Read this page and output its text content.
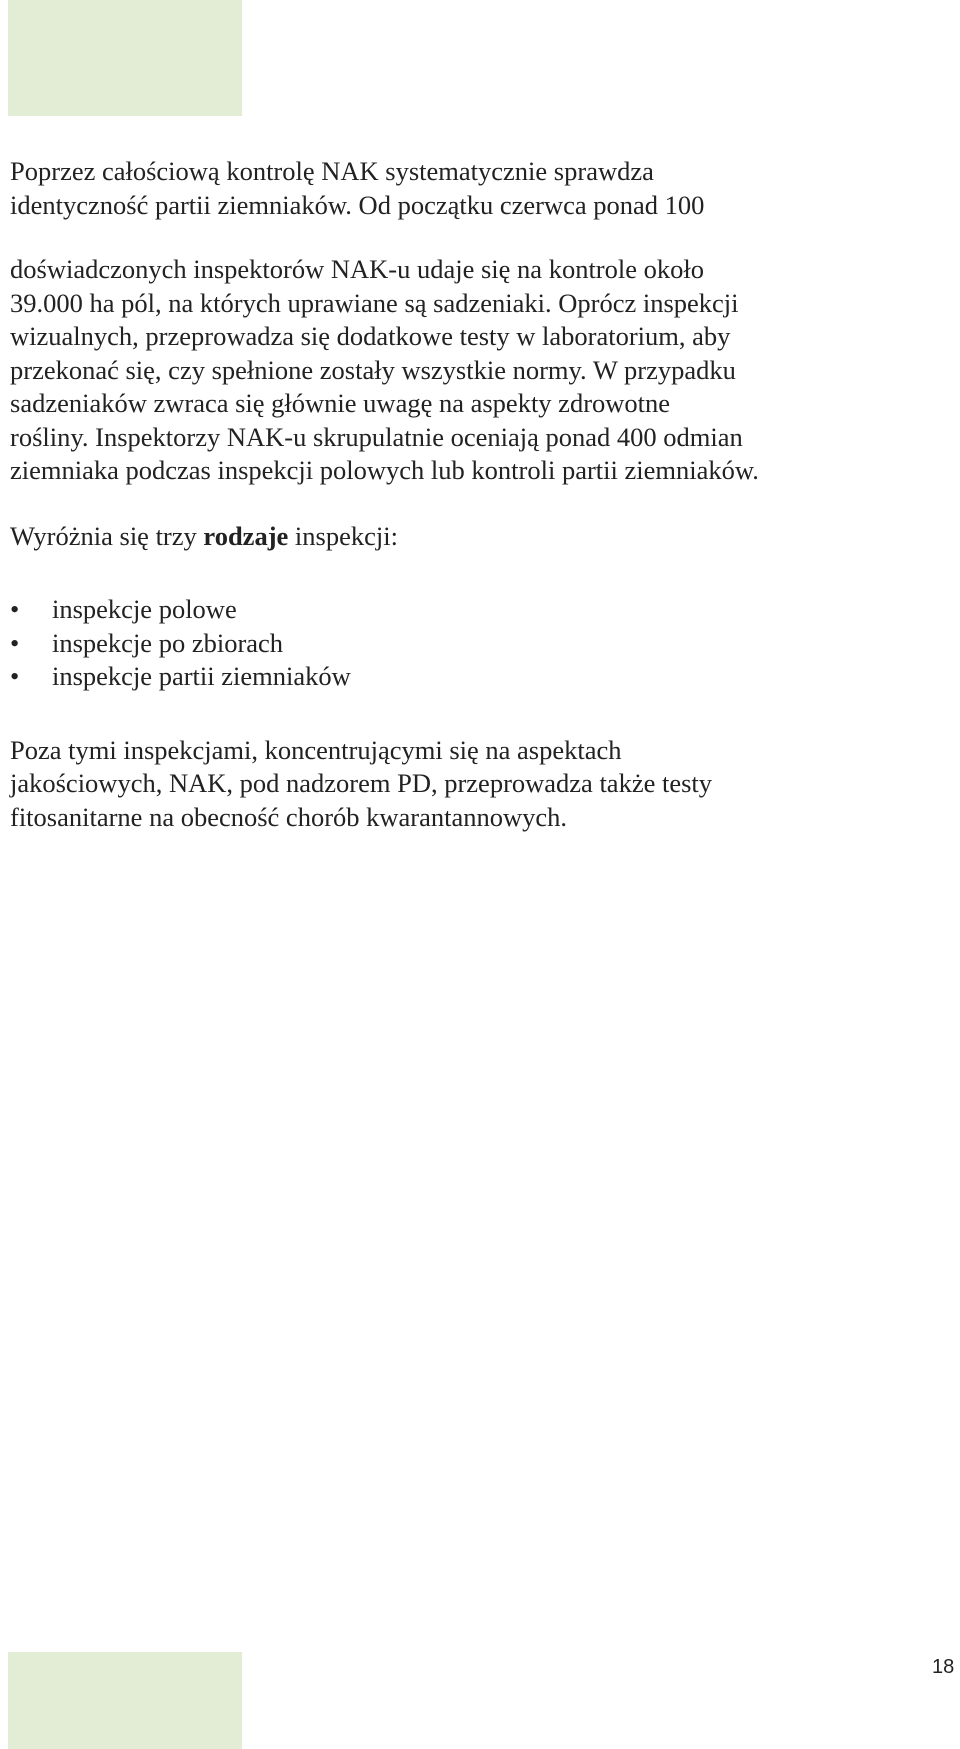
Poprzez całościową kontrolę NAK systematycznie sprawdza
identyczność partii ziemniaków. Od początku czerwca ponad 100
doświadczonych inspektorów NAK-u udaje się na kontrole około
39.000 ha pól, na których uprawiane są sadzeniaki. Oprócz inspekcji
wizualnych, przeprowadza się dodatkowe testy w laboratorium, aby
przekonać się, czy spełnione zostały wszystkie normy. W przypadku
sadzeniaków zwraca się głównie uwagę na aspekty zdrowotne
rośliny. Inspektorzy NAK-u skrupulatnie oceniają ponad 400 odmian
ziemniaka podczas inspekcji polowych lub kontroli partii ziemniaków.

Wyróżnia się trzy rodzaje inspekcji:

• inspekcje polowe
• inspekcje po zbiorach
• inspekcje partii ziemniaków

Poza tymi inspekcjami, koncentrującymi się na aspektach
jakościowych, NAK, pod nadzorem PD, przeprowadza także testy
fitosanitarne na obecność chorób kwarantannowych.

18
